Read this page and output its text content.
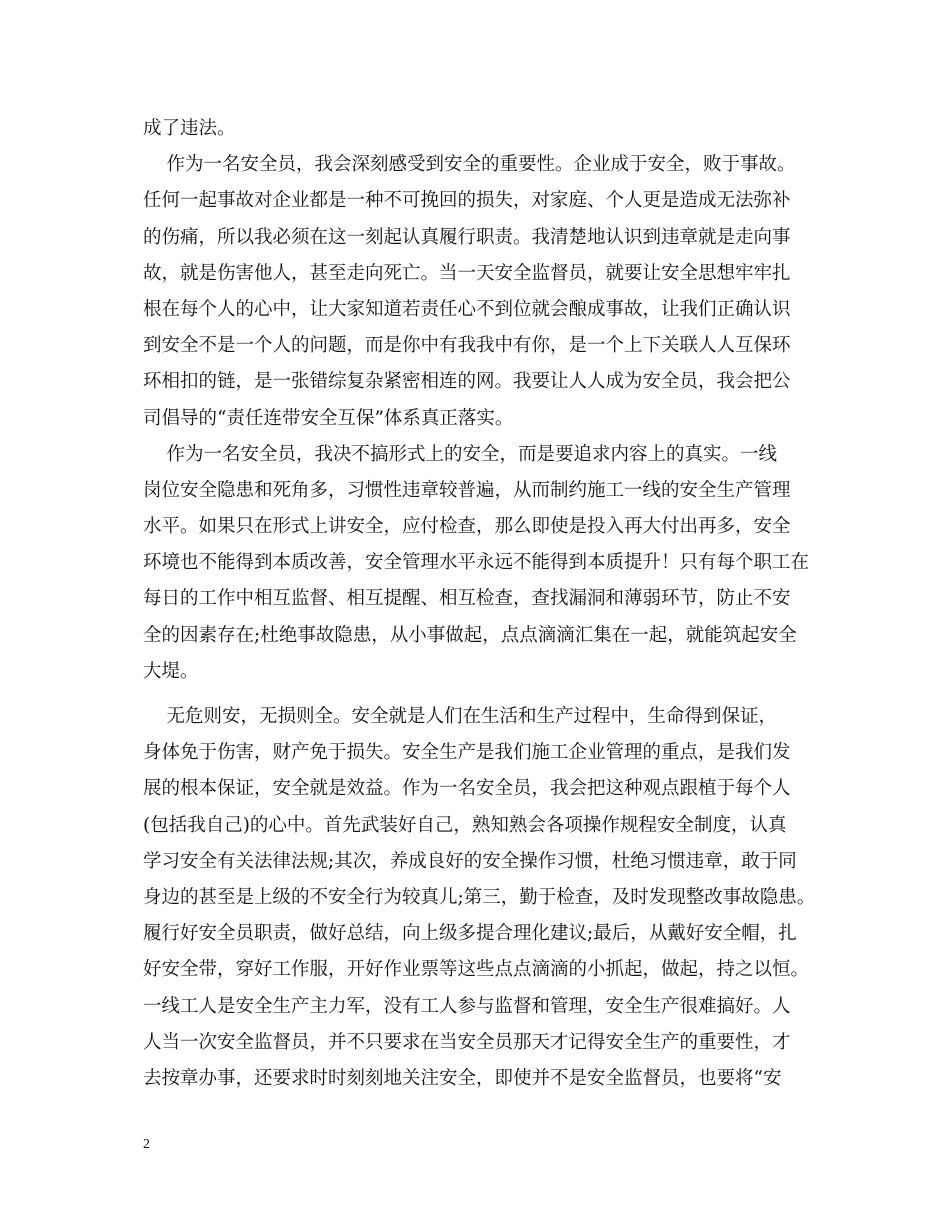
成了违法。
作为一名安全员，我会深刻感受到安全的重要性。企业成于安全，败于事故。
任何一起事故对企业都是一种不可挽回的损失，对家庭、个人更是造成无法弥补
的伤痛，所以我必须在这一刻起认真履行职责。我清楚地认识到违章就是走向事
故，就是伤害他人，甚至走向死亡。当一天安全监督员，就要让安全思想牢牢扎
根在每个人的心中，让大家知道若责任心不到位就会酿成事故，让我们正确认识
到安全不是一个人的问题，而是你中有我我中有你，是一个上下关联人人互保环
环相扣的链，是一张错综复杂紧密相连的网。我要让人人成为安全员，我会把公
司倡导的“责任连带安全互保”体系真正落实。
作为一名安全员，我决不搞形式上的安全，而是要追求内容上的真实。一线
岗位安全隐患和死角多，习惯性违章较普遍，从而制约施工一线的安全生产管理
水平。如果只在形式上讲安全，应付检查，那么即使是投入再大付出再多，安全
环境也不能得到本质改善，安全管理水平永远不能得到本质提升！只有每个职工在
每日的工作中相互监督、相互提醒、相互检查，查找漏洞和薄弱环节，防止不安
全的因素存在;杜绝事故隐患，从小事做起，点点滴滴汇集在一起，就能筑起安全
大堤。
无危则安，无损则全。安全就是人们在生活和生产过程中，生命得到保证，
身体免于伤害，财产免于损失。安全生产是我们施工企业管理的重点，是我们发
展的根本保证，安全就是效益。作为一名安全员，我会把这种观点跟植于每个人
(包括我自己)的心中。首先武装好自己，熟知熟会各项操作规程安全制度，认真
学习安全有关法律法规;其次，养成良好的安全操作习惯，杜绝习惯违章，敢于同
身边的甚至是上级的不安全行为较真儿;第三，勤于检查，及时发现整改事故隐患。
履行好安全员职责，做好总结，向上级多提合理化建议;最后，从戴好安全帽，扎
好安全带，穿好工作服，开好作业票等这些点点滴滴的小抓起，做起，持之以恒。
一线工人是安全生产主力军，没有工人参与监督和管理，安全生产很难搞好。人
人当一次安全监督员，并不只要求在当安全员那天才记得安全生产的重要性，才
去按章办事，还要求时时刻刻地关注安全，即使并不是安全监督员，也要将“安
2
